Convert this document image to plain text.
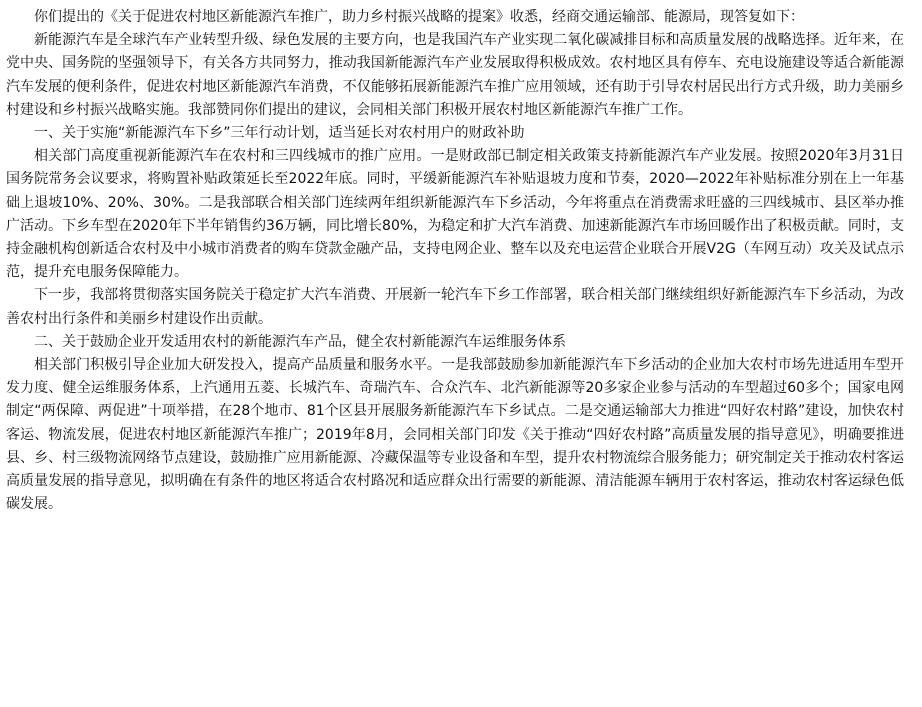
你们提出的《关于促进农村地区新能源汽车推广，助力乡村振兴战略的提案》收悉，经商交通运输部、能源局，现答复如下：

新能源汽车是全球汽车产业转型升级、绿色发展的主要方向，也是我国汽车产业实现二氧化碳减排目标和高质量发展的战略选择。近年来，在党中央、国务院的坚强领导下，有关各方共同努力，推动我国新能源汽车产业发展取得积极成效。农村地区具有停车、充电设施建设等适合新能源汽车发展的便利条件，促进农村地区新能源汽车消费，不仅能够拓展新能源汽车推广应用领域，还有助于引导农村居民出行方式升级，助力美丽乡村建设和乡村振兴战略实施。我部赞同你们提出的建议，会同相关部门积极开展农村地区新能源汽车推广工作。

一、关于实施“新能源汽车下乡”三年行动计划，适当延长对农村用户的财政补助

相关部门高度重视新能源汽车在农村和三四线城市的推广应用。一是财政部已制定相关政策支持新能源汽车产业发展。按照2020年3月31日国务院常务会议要求，将购置补贴政策延长至2022年底。同时，平缓新能源汽车补贴退坡力度和节奏，2020—2022年补贴标准分别在上一年基础上退坡10%、20%、30%。二是我部联合相关部门连续两年组织新能源汽车下乡活动，今年将重点在消费需求旺盛的三四线城市、县区举办推广活动。下乡车型在2020年下半年销售约36万辆，同比增长80%，为稳定和扩大汽车消费、加速新能源汽车市场回暖作出了积极贡献。同时，支持金融机构创新适合农村及中小城市消费者的购车贷款金融产品，支持电网企业、整车以及充电运营企业联合开展V2G（车网互动）攻关及试点示范，提升充电服务保障能力。

下一步，我部将贯彻落实国务院关于稳定扩大汽车消费、开展新一轮汽车下乡工作部署，联合相关部门继续组织好新能源汽车下乡活动，为改善农村出行条件和美丽乡村建设作出贡献。

二、关于鼓励企业开发适用农村的新能源汽车产品，健全农村新能源汽车运维服务体系

相关部门积极引导企业加大研发投入，提高产品质量和服务水平。一是我部鼓励参加新能源汽车下乡活动的企业加大农村市场先进适用车型开发力度、健全运维服务体系，上汽通用五菱、长城汽车、奇瑞汽车、合众汽车、北汽新能源等20多家企业参与活动的车型超过60多个；国家电网制定“两保障、两促进”十项举措，在28个地市、81个区县开展服务新能源汽车下乡试点。二是交通运输部大力推进“四好农村路”建设，加快农村客运、物流发展，促进农村地区新能源汽车推广；2019年8月，会同相关部门印发《关于推动“四好农村路”高质量发展的指导意见》，明确要推进县、乡、村三级物流网络节点建设，鼓励推广应用新能源、冷藏保温等专业设备和车型，提升农村物流综合服务能力；研究制定关于推动农村客运高质量发展的指导意见，拟明确在有条件的地区将适合农村路况和适应群众出行需要的新能源、清洁能源车辆用于农村客运，推动农村客运绿色低碳发展。
